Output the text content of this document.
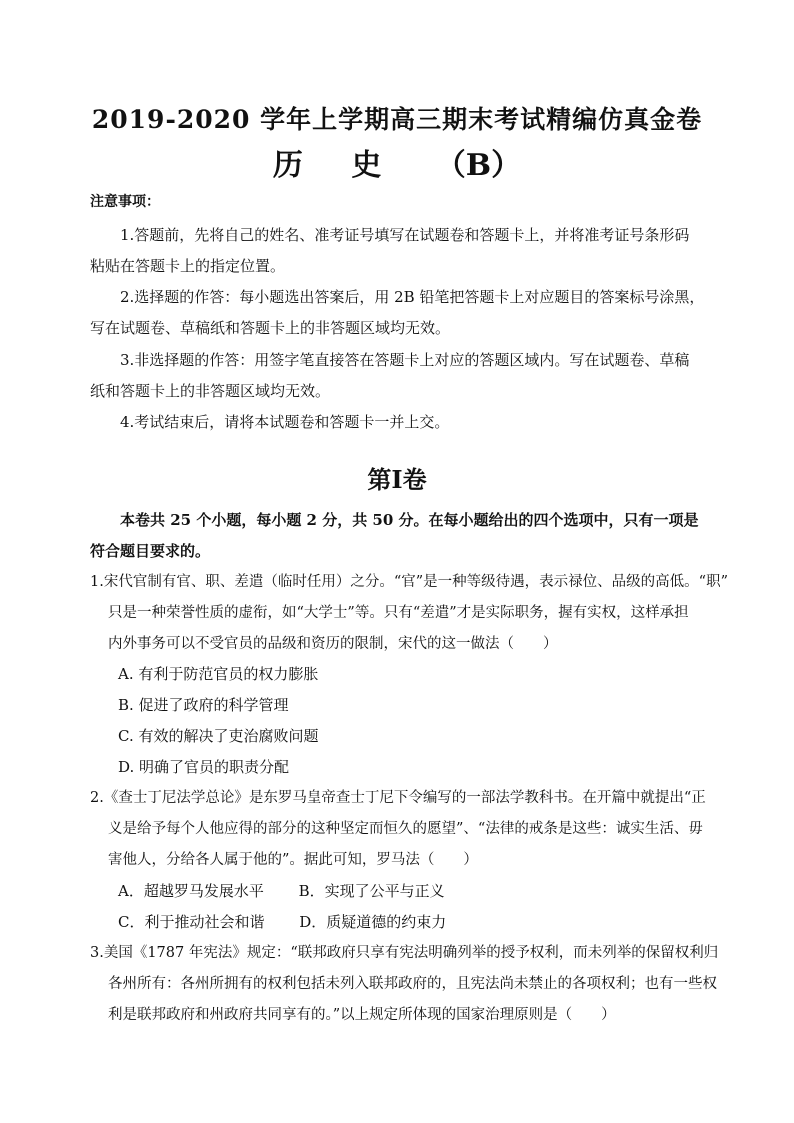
2019-2020 学年上学期高三期末考试精编仿真金卷
历 史 （B）
注意事项：
1.答题前，先将自己的姓名、准考证号填写在试题卷和答题卡上，并将准考证号条形码
粘贴在答题卡上的指定位置。
2.选择题的作答：每小题选出答案后，用 2B 铅笔把答题卡上对应题目的答案标号涂黑，
写在试题卷、草稿纸和答题卡上的非答题区域均无效。
3.非选择题的作答：用签字笔直接答在答题卡上对应的答题区域内。写在试题卷、草稿
纸和答题卡上的非答题区域均无效。
4.考试结束后，请将本试题卷和答题卡一并上交。
第Ⅰ卷
本卷共 25 个小题，每小题 2 分，共 50 分。在每小题给出的四个选项中，只有一项是
符合题目要求的。
1.宋代官制有官、职、差遣（临时任用）之分。“官”是一种等级待遇，表示禄位、品级的高低。“职”
只是一种荣誉性质的虚衔，如“大学士”等。只有“差遣”才是实际职务，握有实权，这样承担
内外事务可以不受官员的品级和资历的限制，宋代的这一做法（　　）
A. 有利于防范官员的权力膨胀
B. 促进了政府的科学管理
C. 有效的解决了吏治腐败问题
D. 明确了官员的职责分配
2.《查士丁尼法学总论》是东罗马皇帝查士丁尼下令编写的一部法学教科书。在开篇中就提出“正
义是给予每个人他应得的部分的这种坚定而恒久的愿望”、“法律的戒条是这些：诚实生活、毋
害他人，分给各人属于他的”。据此可知，罗马法（　　）
A．超越罗马发展水平　　 B．实现了公平与正义
C．利于推动社会和谐　　 D．质疑道德的约束力
3.美国《1787 年宪法》规定：“联邦政府只享有宪法明确列举的授予权利，而未列举的保留权利归
各州所有：各州所拥有的权利包括未列入联邦政府的，且宪法尚未禁止的各项权利；也有一些权
利是联邦政府和州政府共同享有的。”以上规定所体现的国家治理原则是（　　）
